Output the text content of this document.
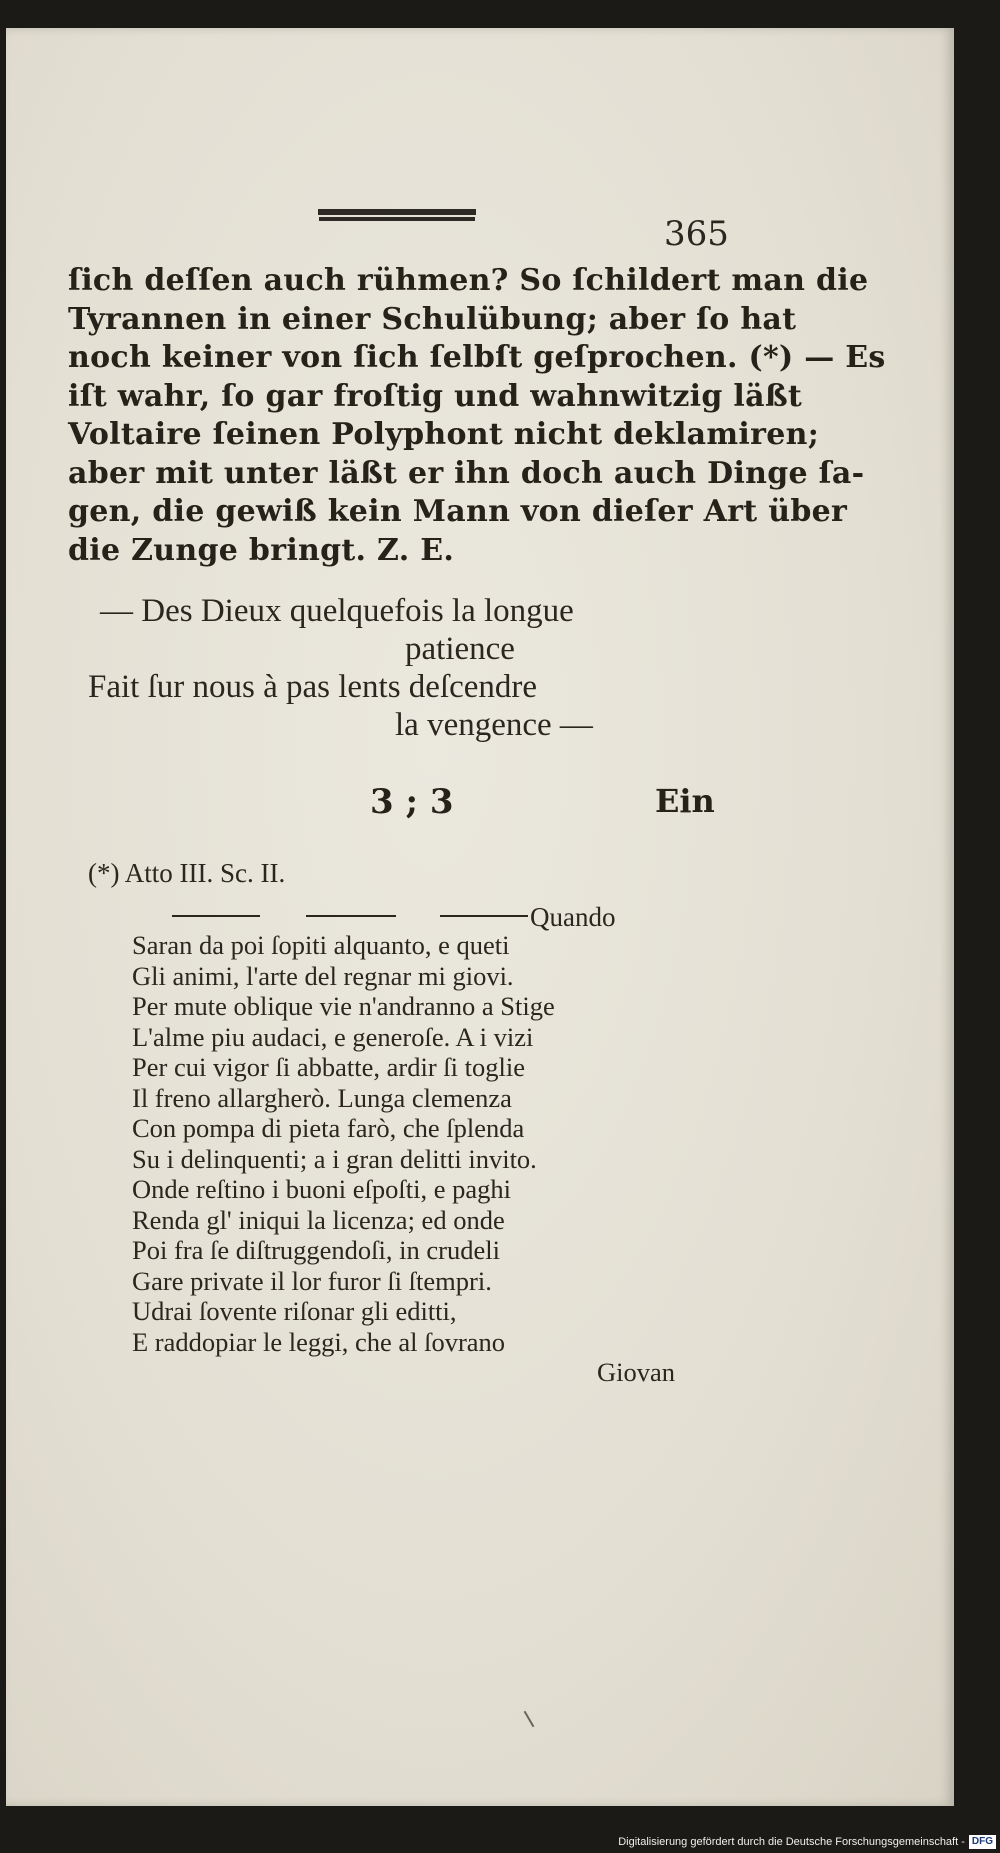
365
ſich deſſen auch rühmen? So ſchildert man die
Tyrannen in einer Schulübung; aber ſo hat
noch keiner von ſich ſelbſt geſprochen. (*) — Es
iſt wahr, ſo gar froſtig und wahnwitzig läßt
Voltaire ſeinen Polyphont nicht deklamiren;
aber mit unter läßt er ihn doch auch Dinge ſa-
gen, die gewiß kein Mann von dieſer Art über
die Zunge bringt. Z. E.
— Des Dieux quelquefois la longue
patience
Fait ſur nous à pas lents deſcendre
la vengence —
3 ; 3	Ein
(*) Atto III. Sc. II.
Quando
Saran da poi ſopiti alquanto, e queti
Gli animi, l'arte del regnar mi giovi.
Per mute oblique vie n'andranno a Stige
L'alme piu audaci, e generoſe. A i vizi
Per cui vigor ſi abbatte, ardir ſi toglie
Il freno allargherò. Lunga clemenza
Con pompa di pieta farò, che ſplenda
Su i delinquenti; a i gran delitti invito.
Onde reſtino i buoni eſpoſti, e paghi
Renda gl' iniqui la licenza; ed onde
Poi fra ſe diſtruggendoſi, in crudeli
Gare private il lor furor ſi ſtempri.
Udrai ſovente riſonar gli editti,
E raddopiar le leggi, che al ſovrano
Giovan
Digitalisierung gefördert durch die Deutsche Forschungsgemeinschaft - DFG
